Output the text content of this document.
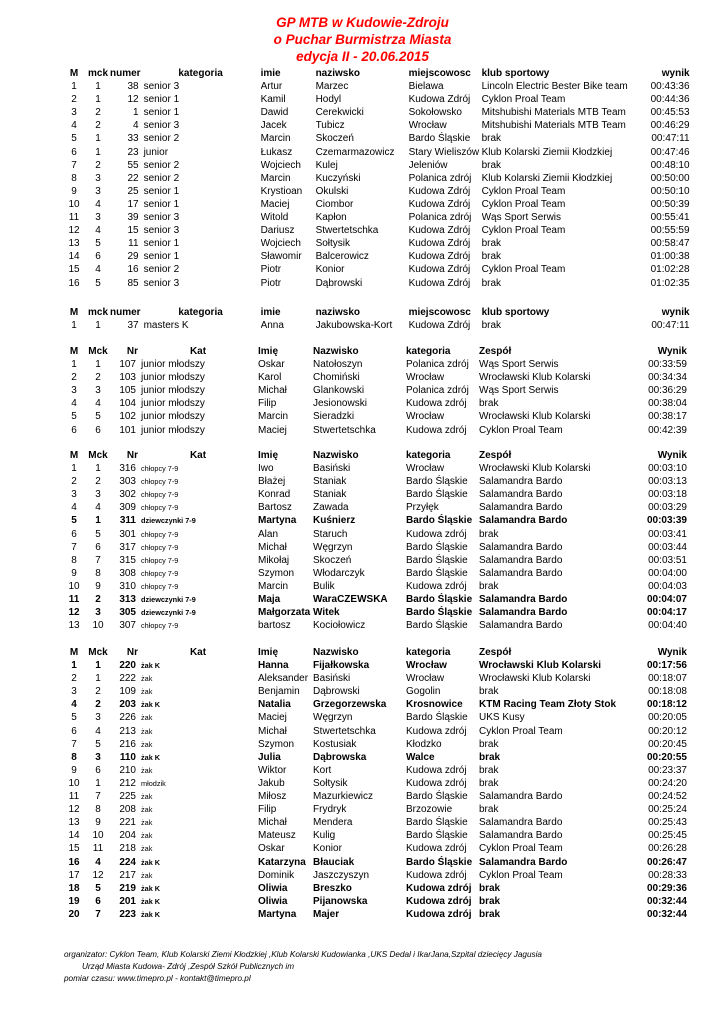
GP MTB w Kudowie-Zdroju
o Puchar Burmistrza Miasta
edycja II - 20.06.2015
M	mck	numer	kategoria	imie	naziwsko	miejscowosc	klub sportowy	wynik
1	1	38	senior 3	Artur	Marzec	Bielawa	Lincoln Electric Bester Bike team	00:43:36
2	1	12	senior 1	Kamil	Hodyl	Kudowa Zdrój	Cyklon Proal Team	00:44:36
3	2	1	senior 1	Dawid	Cerekwicki	Sokołowsko	Mitshubishi Materials MTB Team	00:45:53
4	2	4	senior 3	Jacek	Tubicz	Wrocław	Mitshubishi Materials MTB Team	00:46:29
5	1	33	senior 2	Marcin	Skoczeń	Bardo Śląskie	brak	00:47:11
6	1	23	junior	Łukasz	Czemarmazowicz	Stary Wieliszów	Klub Kolarski Ziemii Kłodzkiej	00:47:46
7	2	55	senior 2	Wojciech	Kulej	Jeleniów	brak	00:48:10
8	3	22	senior 2	Marcin	Kuczyński	Polanica zdrój	Klub Kolarski Ziemii Kłodzkiej	00:50:00
9	3	25	senior 1	Krystioan	Okulski	Kudowa Zdrój	Cyklon Proal Team	00:50:10
10	4	17	senior 1	Maciej	Ciombor	Kudowa Zdrój	Cyklon Proal Team	00:50:39
11	3	39	senior 3	Witold	Kapłon	Polanica zdrój	Wąs Sport Serwis	00:55:41
12	4	15	senior 3	Dariusz	Stwertetschka	Kudowa Zdrój	Cyklon Proal Team	00:55:59
13	5	11	senior 1	Wojciech	Sołtysik	Kudowa Zdrój	brak	00:58:47
14	6	29	senior 1	Sławomir	Balcerowicz	Kudowa Zdrój	brak	01:00:38
15	4	16	senior 2	Piotr	Konior	Kudowa Zdrój	Cyklon Proal Team	01:02:28
16	5	85	senior 3	Piotr	Dąbrowski	Kudowa Zdrój	brak	01:02:35
M	mck	numer	kategoria	imie	naziwsko	miejscowosc	klub sportowy	wynik
1	1	37	masters K	Anna	Jakubowska-Kort	Kudowa Zdrój	brak	00:47:11
M	Mck	Nr	Kat	Imię	Nazwisko	kategoria	Zespół	Wynik
1	1	107	junior młodszy	Oskar	Natołoszyn	Polanica zdrój	Wąs Sport Serwis	00:33:59
2	2	103	junior młodszy	Karol	Chomiński	Wrocław	Wrocławski Klub Kolarski	00:34:34
3	3	105	junior młodszy	Michał	Glankowski	Polanica zdrój	Wąs Sport Serwis	00:36:29
4	4	104	junior młodszy	Filip	Jesionowski	Kudowa zdrój	brak	00:38:04
5	5	102	junior młodszy	Marcin	Sieradzki	Wrocław	Wrocławski Klub Kolarski	00:38:17
6	6	101	junior młodszy	Maciej	Stwertetschka	Kudowa zdrój	Cyklon Proal Team	00:42:39
M	Mck	Nr	Kat	Imię	Nazwisko	kategoria	Zespół	Wynik
1	1	316	chłopcy 7-9	Iwo	Basiński	Wrocław	Wrocławski Klub Kolarski	00:03:10
2	2	303	chłopcy 7-9	Błażej	Staniak	Bardo Śląskie	Salamandra Bardo	00:03:13
3	3	302	chłopcy 7-9	Konrad	Staniak	Bardo Śląskie	Salamandra Bardo	00:03:18
4	4	309	chłopcy 7-9	Bartosz	Zawada	Przyłęk	Salamandra Bardo	00:03:29
5	1	311	dziewczynki 7-9	Martyna	Kuśnierz	Bardo Śląskie	Salamandra Bardo	00:03:39
6	5	301	chłopcy 7-9	Alan	Staruch	Kudowa zdrój	brak	00:03:41
7	6	317	chłopcy 7-9	Michał	Węgrzyn	Bardo Śląskie	Salamandra Bardo	00:03:44
8	7	315	chłopcy 7-9	Mikołaj	Skoczeń	Bardo Śląskie	Salamandra Bardo	00:03:51
9	8	308	chłopcy 7-9	Szymon	Włodarczyk	Bardo Śląskie	Salamandra Bardo	00:04:00
10	9	310	chłopcy 7-9	Marcin	Bulik	Kudowa zdrój	brak	00:04:03
11	2	313	dziewczynki 7-9	Maja	WaraCZEWSKA	Bardo Śląskie	Salamandra Bardo	00:04:07
12	3	305	dziewczynki 7-9	Małgorzata	Witek	Bardo Śląskie	Salamandra Bardo	00:04:17
13	10	307	chłopcy 7-9	bartosz	Kociołowicz	Bardo Śląskie	Salamandra Bardo	00:04:40
M	Mck	Nr	Kat	Imię	Nazwisko	kategoria	Zespół	Wynik
1	1	220	żak K	Hanna	Fijałkowska	Wrocław	Wrocławski Klub Kolarski	00:17:56
2	1	222	żak	Aleksander	Basiński	Wrocław	Wrocławski Klub Kolarski	00:18:07
3	2	109	żak	Benjamin	Dąbrowski	Gogolin	brak	00:18:08
4	2	203	żak K	Natalia	Grzegorzewska	Krosnowice	KTM Racing Team Złoty Stok	00:18:12
5	3	226	żak	Maciej	Węgrzyn	Bardo Śląskie	UKS Kusy	00:20:05
6	4	213	żak	Michał	Stwertetschka	Kudowa zdrój	Cyklon Proal Team	00:20:12
7	5	216	żak	Szymon	Kostusiak	Kłodzko	brak	00:20:45
8	3	110	żak K	Julia	Dąbrowska	Walce	brak	00:20:55
9	6	210	żak	Wiktor	Kort	Kudowa zdrój	brak	00:23:37
10	1	212	młodzik	Jakub	Sołtysik	Kudowa zdrój	brak	00:24:20
11	7	225	żak	Miłosz	Mazurkiewicz	Bardo Śląskie	Salamandra Bardo	00:24:52
12	8	208	żak	Filip	Frydryk	Brzozowie	brak	00:25:24
13	9	221	żak	Michał	Mendera	Bardo Śląskie	Salamandra Bardo	00:25:43
14	10	204	żak	Mateusz	Kulig	Bardo Śląskie	Salamandra Bardo	00:25:45
15	11	218	żak	Oskar	Konior	Kudowa zdrój	Cyklon Proal Team	00:26:28
16	4	224	żak K	Katarzyna	Błauciak	Bardo Śląskie	Salamandra Bardo	00:26:47
17	12	217	żak	Dominik	Jaszczyszyn	Kudowa zdrój	Cyklon Proal Team	00:28:33
18	5	219	żak K	Oliwia	Breszko	Kudowa zdrój	brak	00:29:36
19	6	201	żak K	Oliwia	Pijanowska	Kudowa zdrój	brak	00:32:44
20	7	223	żak K	Martyna	Majer	Kudowa zdrój	brak	00:32:44
organizator: Cyklon Team, Klub Kolarski Ziemi Kłodzkiej ,Klub Kolarski Kudowianka ,UKS Dedal i IkarJana,Szpital dziecięcy Jagusia
Urząd Miasta Kudowa- Zdrój ,Zespół Szkół Publicznych im
pomiar czasu: www.timepro.pl - kontakt@timepro.pl
